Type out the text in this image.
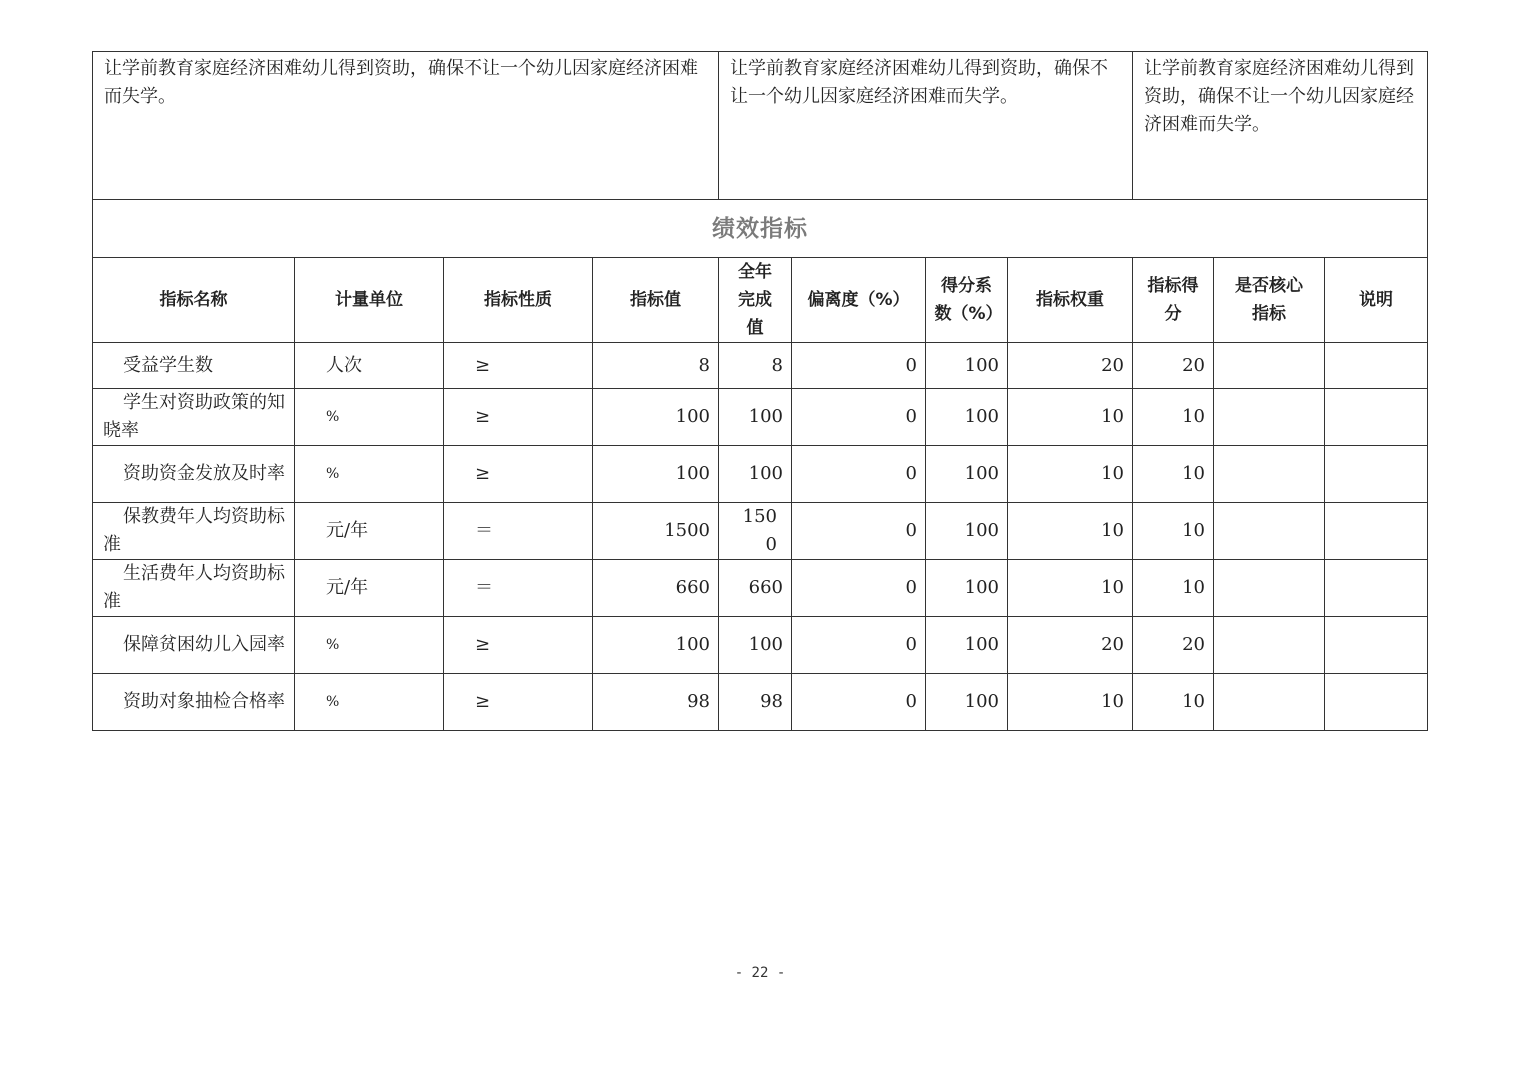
让学前教育家庭经济困难幼儿得到资助，确保不让一个幼儿因家庭经济困难而失学。				让学前教育家庭经济困难幼儿得到资助，确保不让一个幼儿因家庭经济困难而失学。				让学前教育家庭经济困难幼儿得到资助，确保不让一个幼儿因家庭经济困难而失学。		
绩效指标										
指标名称	计量单位	指标性质	指标值	全年完成值	偏离度（%）	得分系数（%）	指标权重	指标得分	是否核心指标	说明
受益学生数	人次	≥	8	8	0	100	20	20		
学生对资助政策的知晓率	%	≥	100	100	0	100	10	10		
资助资金发放及时率	%	≥	100	100	0	100	10	10		
保教费年人均资助标准	元/年	＝	1500	1500	0	100	10	10		
生活费年人均资助标准	元/年	＝	660	660	0	100	10	10		
保障贫困幼儿入园率	%	≥	100	100	0	100	20	20		
资助对象抽检合格率	%	≥	98	98	0	100	10	10		
- 22 -
